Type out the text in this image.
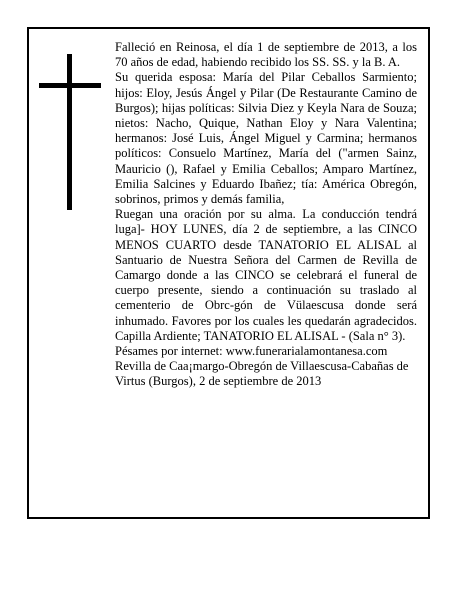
Falleció en Reinosa, el día 1 de septiembre de 2013, a los 70 años de edad, habiendo recibido los SS. SS. y la B. A.

Su querida esposa: María del Pilar Ceballos Sarmiento; hijos: Eloy, Jesús Ángel y Pilar (De Restaurante Camino de Burgos); hijas políticas: Silvia Diez y Keyla Nara de Souza; nietos: Nacho, Quique, Nathan Eloy y Nara Valentina; hermanos: José Luis, Ángel Miguel y Carmina; hermanos políticos: Consuelo Martínez, María del ("armen Sainz, Mauricio (), Rafael y Emilia Ceballos; Amparo Martínez, Emilia Salcines y Eduardo Ibañez; tía: América Obregón, sobrinos, primos y demás familia,

Ruegan una oración por su alma. La conducción tendrá luga]- HOY LUNES, día 2 de septiembre, a las CINCO MENOS CUARTO desde TANATORIO EL ALISAL al Santuario de Nuestra Señora del Carmen de Revilla de Camargo donde a las CINCO se celebrará el funeral de cuerpo presente, siendo a continuación su traslado al cementerio de Obrc-gón de Vülaescusa donde será inhumado. Favores por los cuales les quedarán agradecidos. Capilla Ardiente; TANATORIO EL ALISAL - (Sala n° 3).

Pésames por internet: www.funerarialamontanesa.com

Revilla de Caa¡margo-Obregón de Villaescusa-Cabañas de Virtus (Burgos), 2 de septiembre de 2013
